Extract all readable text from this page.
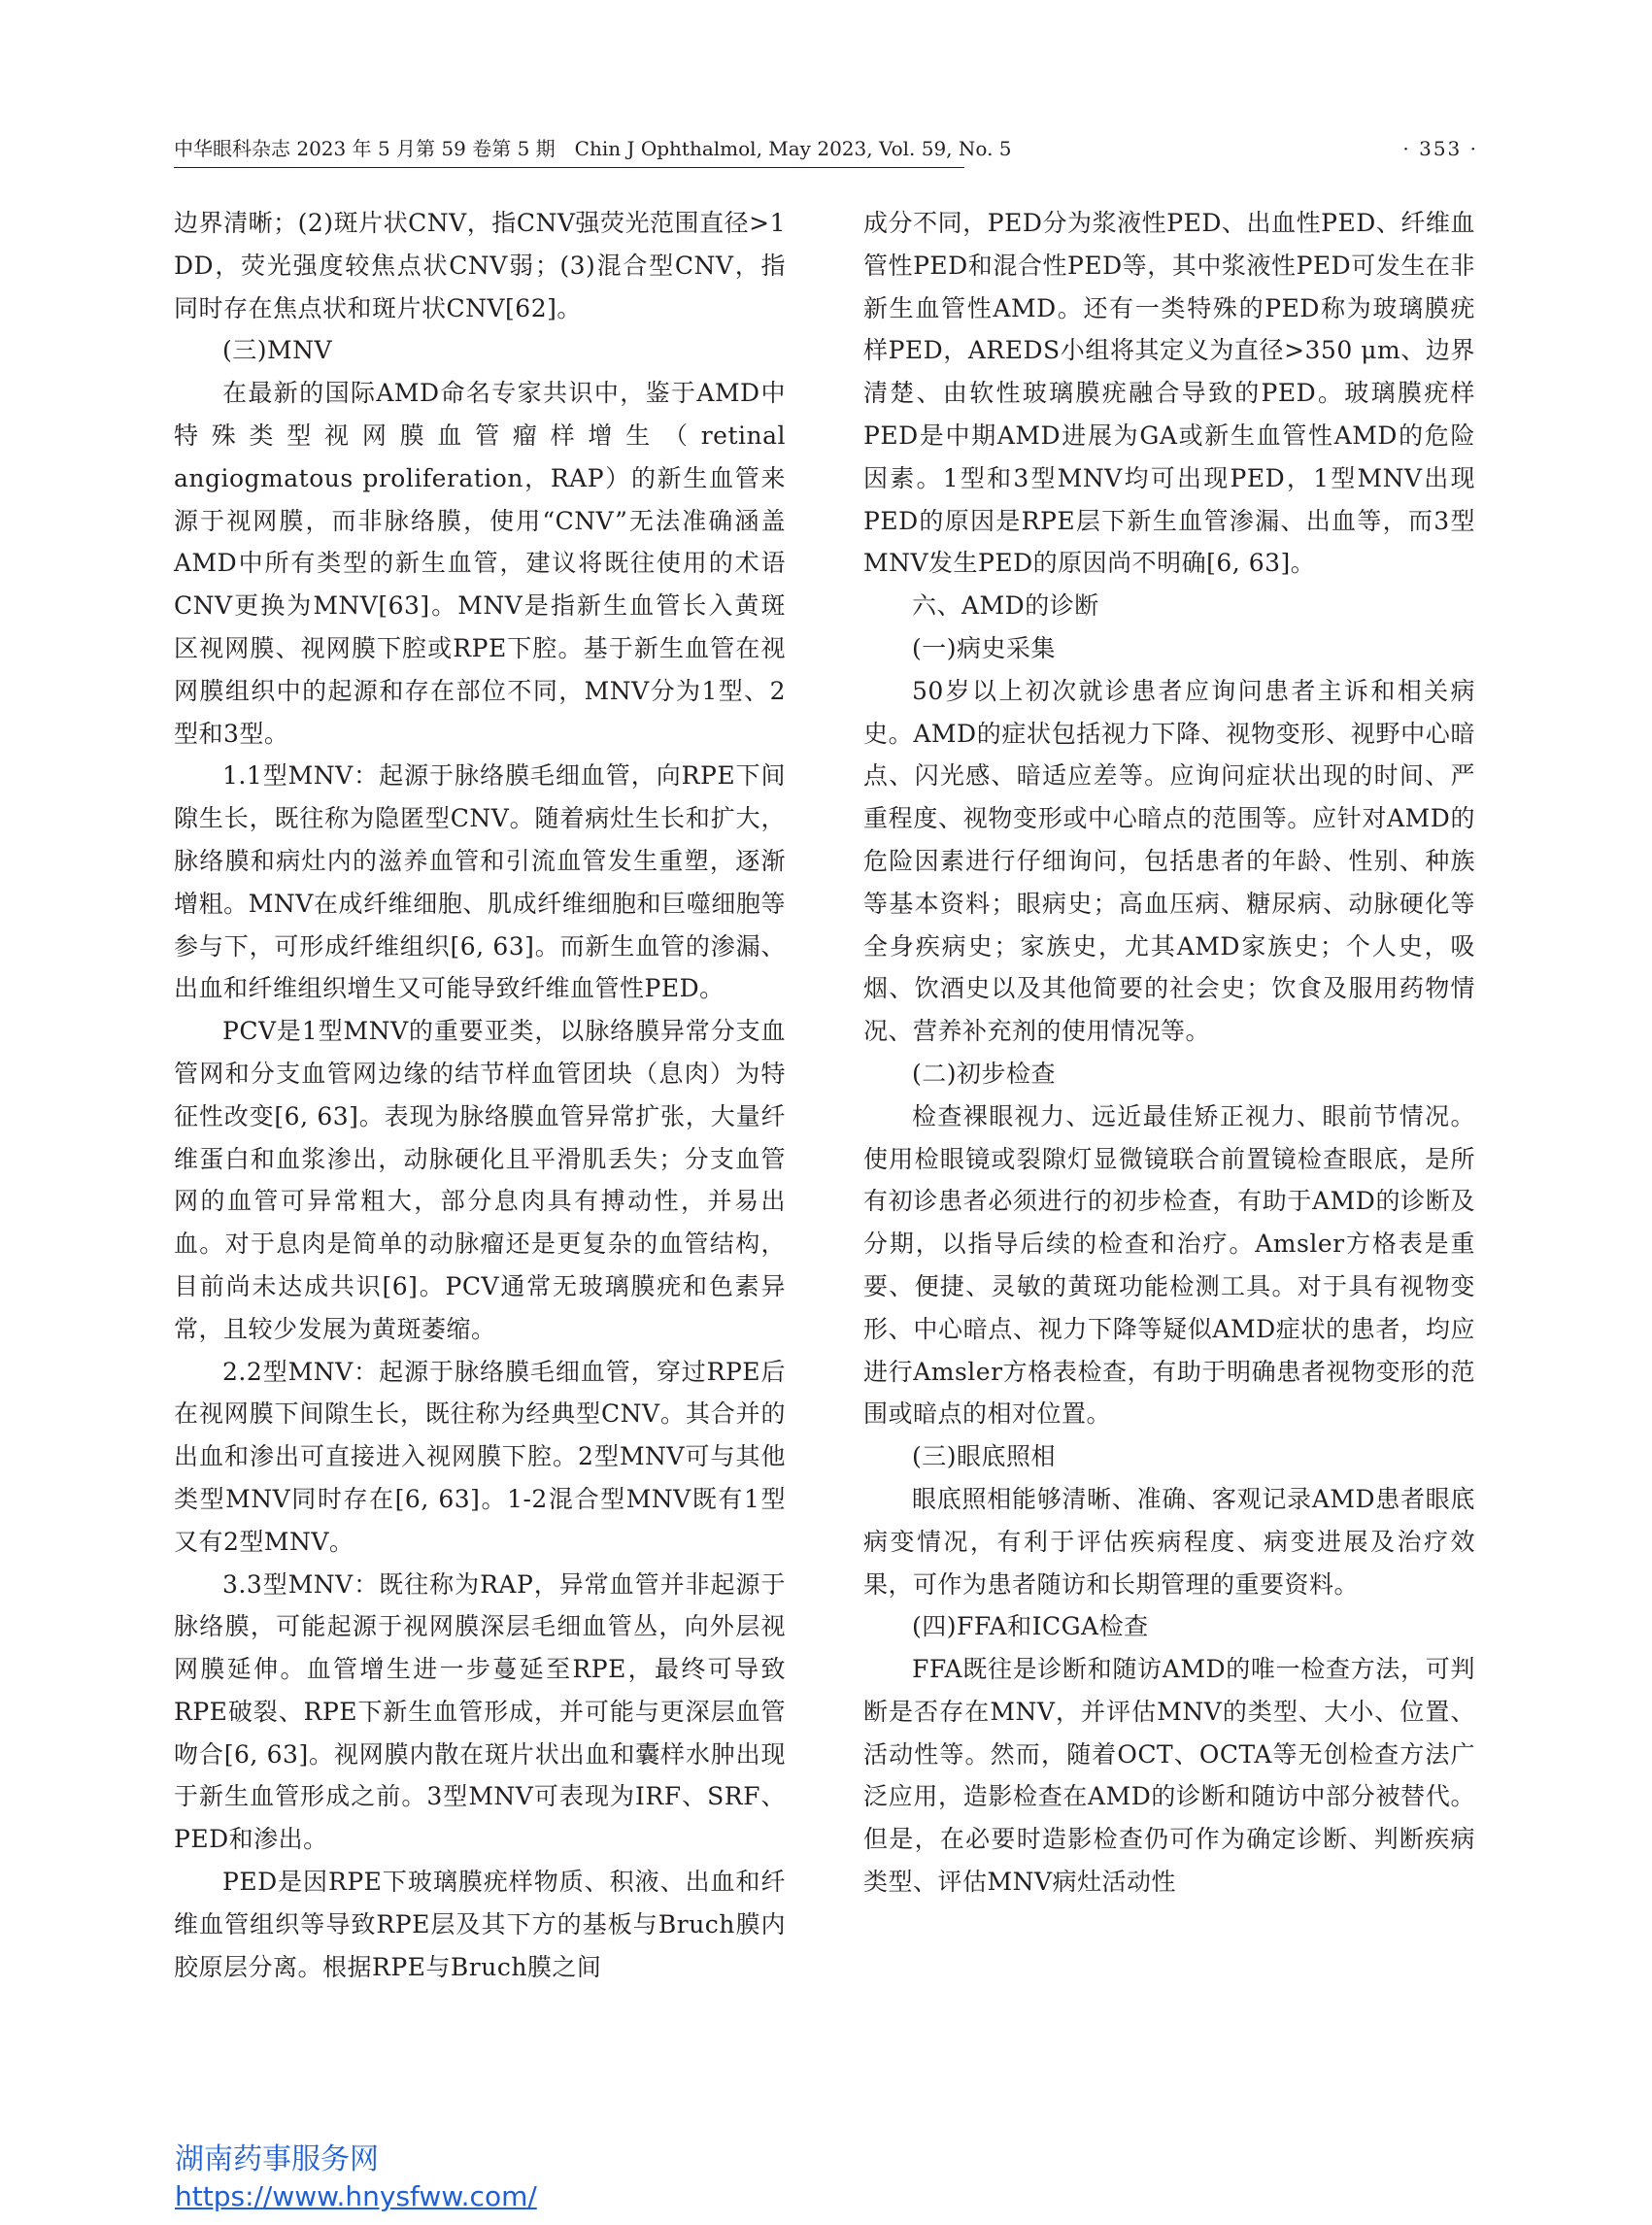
中华眼科杂志 2023 年 5 月第 59 卷第 5 期　Chin J Ophthalmol, May 2023, Vol. 59, No. 5	· 353 ·

边界清晰；(2)斑片状CNV，指CNV强荧光范围直径>1 DD，荧光强度较焦点状CNV弱；(3)混合型CNV，指同时存在焦点状和斑片状CNV[62]。

(三)MNV

在最新的国际AMD命名专家共识中，鉴于AMD中特殊类型视网膜血管瘤样增生（retinal angiogmatous proliferation，RAP）的新生血管来源于视网膜，而非脉络膜，使用“CNV”无法准确涵盖AMD中所有类型的新生血管，建议将既往使用的术语CNV更换为MNV[63]。MNV是指新生血管长入黄斑区视网膜、视网膜下腔或RPE下腔。基于新生血管在视网膜组织中的起源和存在部位不同，MNV分为1型、2型和3型。

1.1型MNV：起源于脉络膜毛细血管，向RPE下间隙生长，既往称为隐匿型CNV。随着病灶生长和扩大，脉络膜和病灶内的滋养血管和引流血管发生重塑，逐渐增粗。MNV在成纤维细胞、肌成纤维细胞和巨噬细胞等参与下，可形成纤维组织[6, 63]。而新生血管的渗漏、出血和纤维组织增生又可能导致纤维血管性PED。

PCV是1型MNV的重要亚类，以脉络膜异常分支血管网和分支血管网边缘的结节样血管团块（息肉）为特征性改变[6, 63]。表现为脉络膜血管异常扩张，大量纤维蛋白和血浆渗出，动脉硬化且平滑肌丢失；分支血管网的血管可异常粗大，部分息肉具有搏动性，并易出血。对于息肉是简单的动脉瘤还是更复杂的血管结构，目前尚未达成共识[6]。PCV通常无玻璃膜疣和色素异常，且较少发展为黄斑萎缩。

2.2型MNV：起源于脉络膜毛细血管，穿过RPE后在视网膜下间隙生长，既往称为经典型CNV。其合并的出血和渗出可直接进入视网膜下腔。2型MNV可与其他类型MNV同时存在[6, 63]。1-2混合型MNV既有1型又有2型MNV。

3.3型MNV：既往称为RAP，异常血管并非起源于脉络膜，可能起源于视网膜深层毛细血管丛，向外层视网膜延伸。血管增生进一步蔓延至RPE，最终可导致RPE破裂、RPE下新生血管形成，并可能与更深层血管吻合[6, 63]。视网膜内散在斑片状出血和囊样水肿出现于新生血管形成之前。3型MNV可表现为IRF、SRF、PED和渗出。

PED是因RPE下玻璃膜疣样物质、积液、出血和纤维血管组织等导致RPE层及其下方的基板与Bruch膜内胶原层分离。根据RPE与Bruch膜之间

成分不同，PED分为浆液性PED、出血性PED、纤维血管性PED和混合性PED等，其中浆液性PED可发生在非新生血管性AMD。还有一类特殊的PED称为玻璃膜疣样PED，AREDS小组将其定义为直径>350 μm、边界清楚、由软性玻璃膜疣融合导致的PED。玻璃膜疣样PED是中期AMD进展为GA或新生血管性AMD的危险因素。1型和3型MNV均可出现PED，1型MNV出现PED的原因是RPE层下新生血管渗漏、出血等，而3型MNV发生PED的原因尚不明确[6, 63]。

六、AMD的诊断
(一)病史采集

50岁以上初次就诊患者应询问患者主诉和相关病史。AMD的症状包括视力下降、视物变形、视野中心暗点、闪光感、暗适应差等。应询问症状出现的时间、严重程度、视物变形或中心暗点的范围等。应针对AMD的危险因素进行仔细询问，包括患者的年龄、性别、种族等基本资料；眼病史；高血压病、糖尿病、动脉硬化等全身疾病史；家族史，尤其AMD家族史；个人史，吸烟、饮酒史以及其他简要的社会史；饮食及服用药物情况、营养补充剂的使用情况等。

(二)初步检查

检查裸眼视力、远近最佳矫正视力、眼前节情况。使用检眼镜或裂隙灯显微镜联合前置镜检查眼底，是所有初诊患者必须进行的初步检查，有助于AMD的诊断及分期，以指导后续的检查和治疗。Amsler方格表是重要、便捷、灵敏的黄斑功能检测工具。对于具有视物变形、中心暗点、视力下降等疑似AMD症状的患者，均应进行Amsler方格表检查，有助于明确患者视物变形的范围或暗点的相对位置。

(三)眼底照相

眼底照相能够清晰、准确、客观记录AMD患者眼底病变情况，有利于评估疾病程度、病变进展及治疗效果，可作为患者随访和长期管理的重要资料。

(四)FFA和ICGA检查

FFA既往是诊断和随访AMD的唯一检查方法，可判断是否存在MNV，并评估MNV的类型、大小、位置、活动性等。然而，随着OCT、OCTA等无创检查方法广泛应用，造影检查在AMD的诊断和随访中部分被替代。但是，在必要时造影检查仍可作为确定诊断、判断疾病类型、评估MNV病灶活动性

湖南药事服务网
https://www.hnysfww.com/
